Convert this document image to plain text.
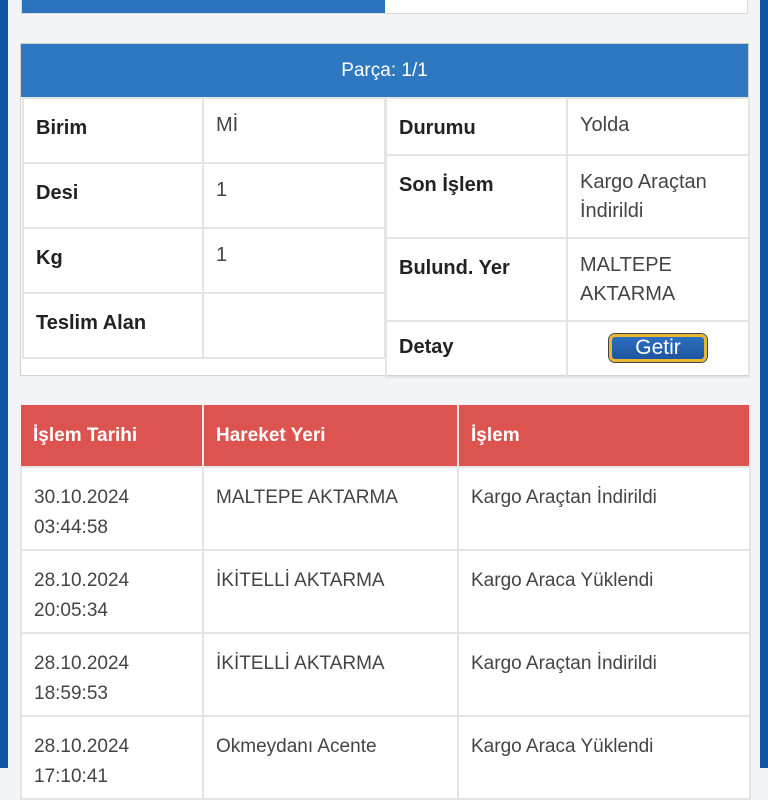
Parça: 1/1
Birim	Mİ
Desi	1
Kg	1
Teslim Alan	
Durumu	Yolda
Son İşlem	Kargo Araçtan
İndirildi

Bulund. Yer	MALTEPE
AKTARMA

Detay	Getir
İşlem Tarihi	Hareket Yeri	İşlem

30.10.2024
03:44:58	MALTEPE AKTARMA	Kargo Araçtan İndirildi

28.10.2024
20:05:34	İKİTELLİ AKTARMA	Kargo Araca Yüklendi

28.10.2024
18:59:53	İKİTELLİ AKTARMA	Kargo Araçtan İndirildi

28.10.2024
17:10:41	Okmeydanı Acente	Kargo Araca Yüklendi
